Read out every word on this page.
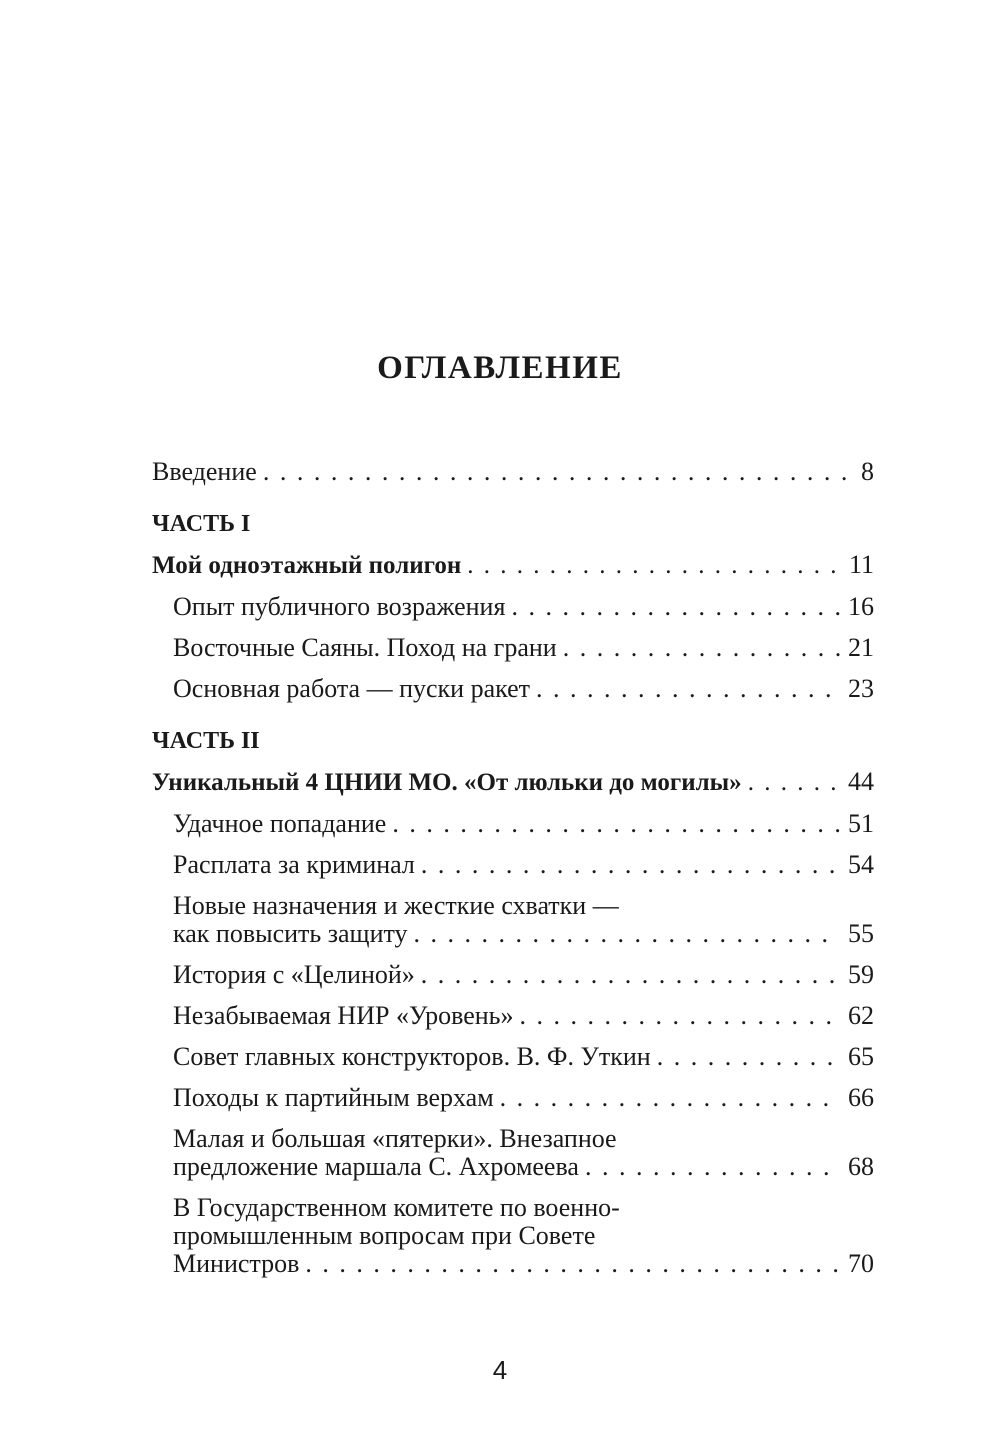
ОГЛАВЛЕНИЕ
Введение . . .	8
ЧАСТЬ I
Мой одноэтажный полигон . . .	11
Опыт публичного возражения . . .	16
Восточные Саяны. Поход на грани . . .	21
Основная работа — пуски ракет . . .	23
ЧАСТЬ II
Уникальный 4 ЦНИИ МО. «От люльки до могилы» . . .	44
Удачное попадание . . .	51
Расплата за криминал . . .	54
Новые назначения и жесткие схватки —
как повысить защиту . . .	55
История с «Целиной» . . .	59
Незабываемая НИР «Уровень» . . .	62
Совет главных конструкторов. В. Ф. Уткин . . .	65
Походы к партийным верхам . . .	66
Малая и большая «пятерки». Внезапное
предложение маршала С. Ахромеева . . .	68
В Государственном комитете по военно-
промышленным вопросам при Совете
Министров . . .	70
4
